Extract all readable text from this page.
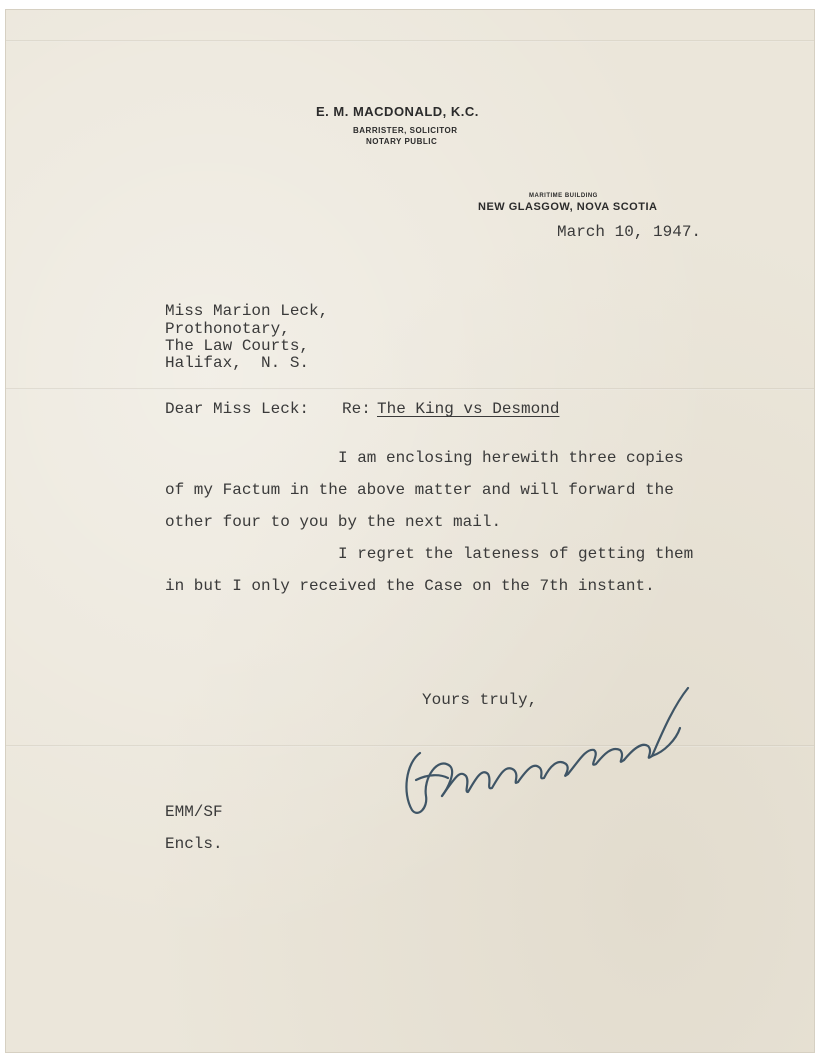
E. M. MACDONALD, K.C.
BARRISTER, SOLICITOR
NOTARY PUBLIC
MARITIME BUILDING
NEW GLASGOW, NOVA SCOTIA
March 10, 1947.
Miss Marion Leck,
Prothonotary,
The Law Courts,
Halifax,  N. S.
Dear Miss Leck: Re: The King vs Desmond
I am enclosing herewith three copies
of my Factum in the above matter and will forward the
other four to you by the next mail.
I regret the lateness of getting them
in but I only received the Case on the 7th instant.
Yours truly,
EMM/SF
Encls.
